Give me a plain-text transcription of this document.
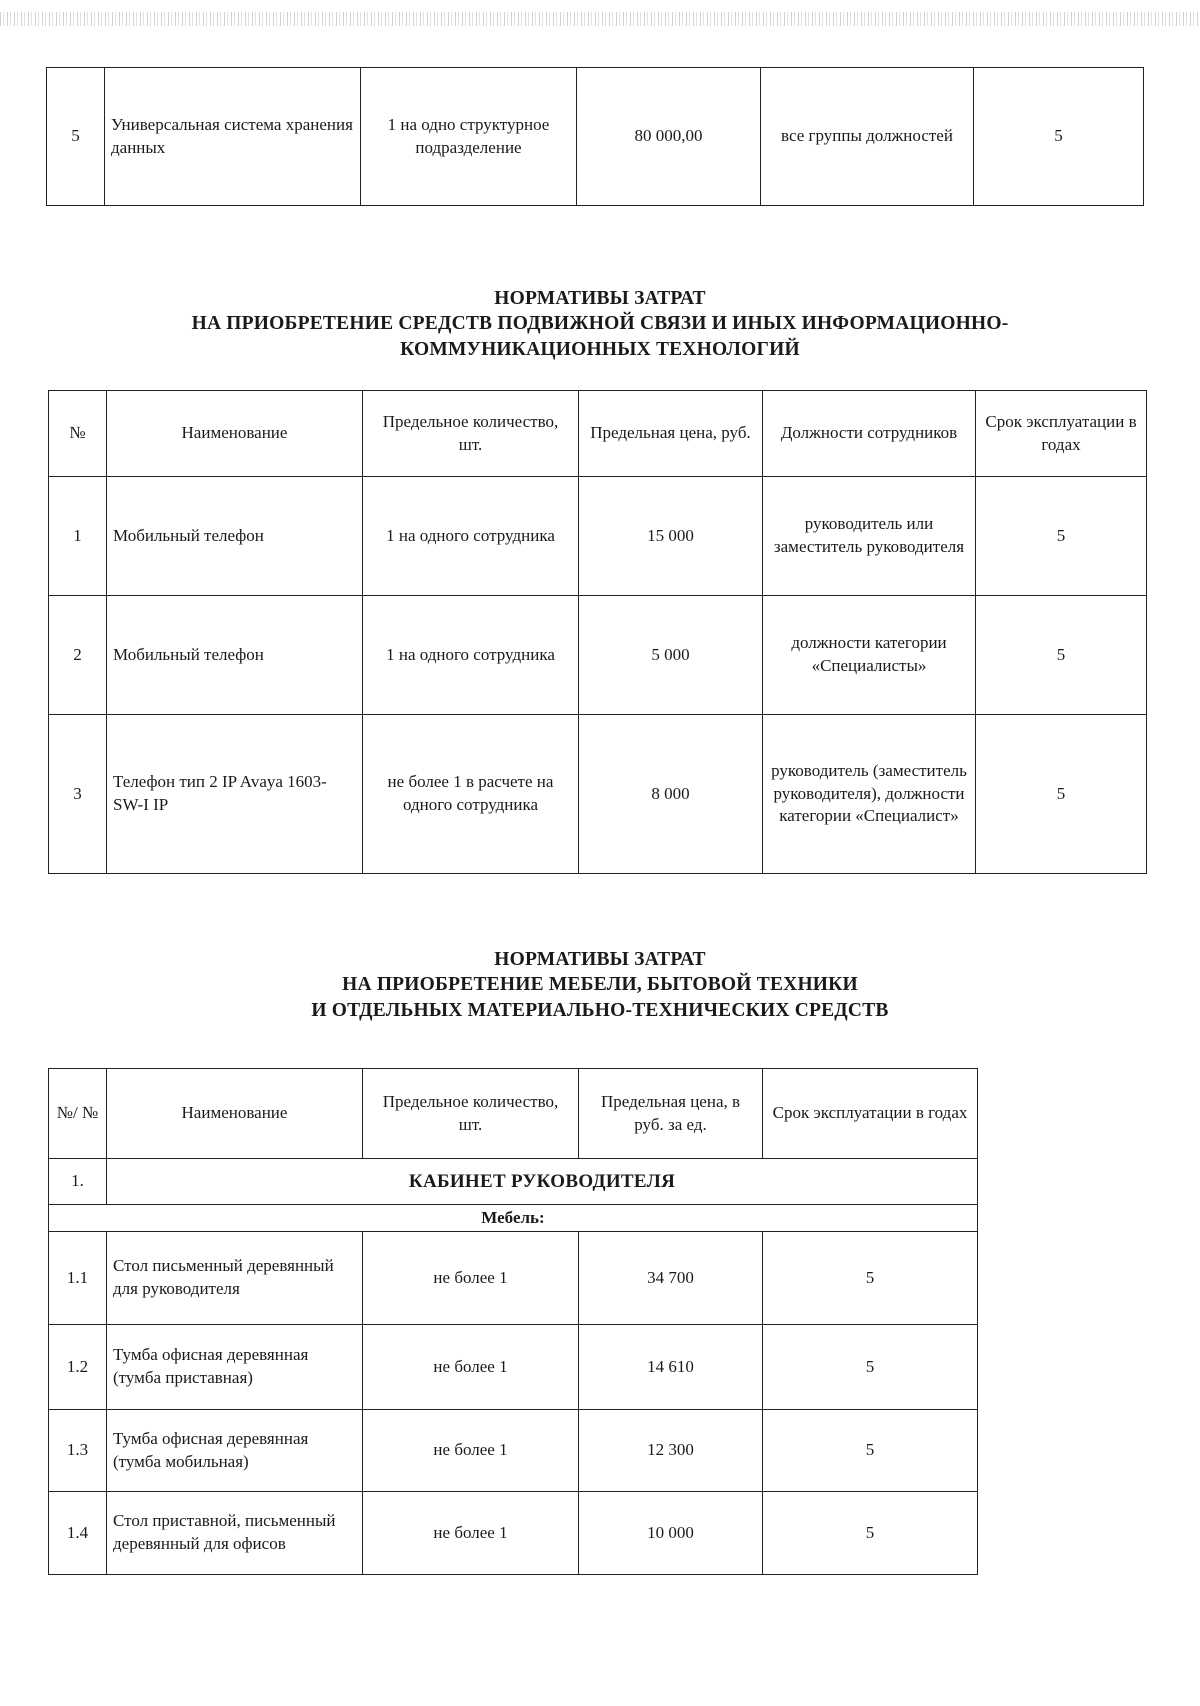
5	Универсальная система хранения данных	1 на одно структурное подразделение	80 000,00	все группы должностей	5
НОРМАТИВЫ ЗАТРАТ
НА ПРИОБРЕТЕНИЕ СРЕДСТВ ПОДВИЖНОЙ СВЯЗИ И ИНЫХ ИНФОРМАЦИОННО-
КОММУНИКАЦИОННЫХ ТЕХНОЛОГИЙ
№	Наименование	Предельное количество, шт.	Предельная цена, руб.	Должности сотрудников	Срок эксплуатации в годах
1	Мобильный телефон	1 на одного сотрудника	15 000	руководитель или заместитель руководителя	5
2	Мобильный телефон	1 на одного сотрудника	5 000	должности категории «Специалисты»	5
3	Телефон тип 2 IP Avaya 1603-SW-I IP	не более 1 в расчете на одного сотрудника	8 000	руководитель (заместитель руководителя), должности категории «Специалист»	5
НОРМАТИВЫ ЗАТРАТ
НА ПРИОБРЕТЕНИЕ МЕБЕЛИ, БЫТОВОЙ ТЕХНИКИ
И ОТДЕЛЬНЫХ МАТЕРИАЛЬНО-ТЕХНИЧЕСКИХ СРЕДСТВ
№/ №	Наименование	Предельное количество, шт.	Предельная цена, в руб. за ед.	Срок эксплуатации в годах
1.	КАБИНЕТ РУКОВОДИТЕЛЯ			
Мебель:				
1.1	Стол письменный деревянный для руководителя	не более 1	34 700	5
1.2	Тумба офисная деревянная (тумба приставная)	не более 1	14 610	5
1.3	Тумба офисная деревянная (тумба мобильная)	не более 1	12 300	5
1.4	Стол приставной, письменный деревянный для офисов	не более 1	10 000	5
